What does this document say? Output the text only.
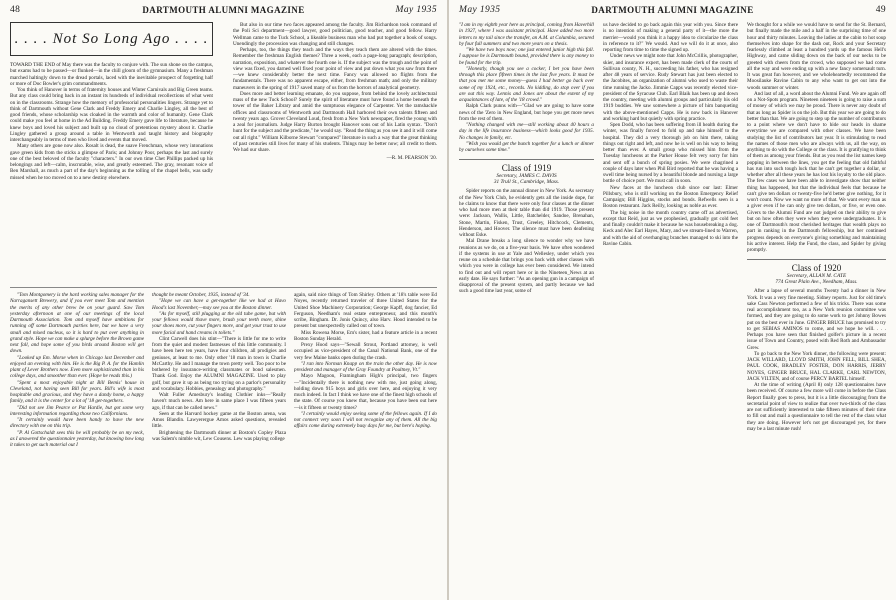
48	DARTMOUTH ALUMNI MAGAZINE	May 1935
. . . . Not So Long Ago . . . .

TOWARD THE END of May there was the faculty to conjure with. The sun shone on the campus, but exams had to be passed—or flunked—in the chill gloom of the gymnasium. Many a freshman marched haltingly down to the dread portals, laced with the inevitable prospect of forgetting half or more of Doc Bowler's grim commandments.

You think of Hanover in terms of fraternity houses and Winter Carnivals and Big Green teams. But any class could bring back in an instant its hundreds of individual recollections of what went on in the classrooms. Strange how the memory of professorial personalities lingers. Strange yet to think of Dartmouth without Gene Clark and Freddy Emery and Charlie Lingley, all the best of good friends, whose scholarship was cloaked in the warmth and color of humanity. Gene Clark could make you feel at home in the Ad Building. Freddy Emery gave life to literature, because he knew boys and loved his subject and built up no cloud of pretentious mystery about it. Charlie Lingley gathered a group around a table in Wentworth and taught history and biography interchangeably in terms of men who lived and events that moved.

Many others are gone now also. Rosalt is dead, the suave Frenchman, whose very intonations gave green kids from the sticks a glimpse of Paris; and Johnny Poor, perhaps the last and surely one of the best beloved of the faculty "characters." In our own time Chet Phillips packed up his belongings and left—calm, inscrutable, wise, and greatly esteemed. The gray, resonant voice of Ben Marshall, as much a part of the day's beginning as the tolling of the chapel bells, was sadly missed when he too moved on to a new destiny elsewhere.

But also in our time two faces appeared among the faculty. Jim Richardson took command of the Poli Sci department—good lawyer, good politician, good teacher, and good fellow. Harry Wellman came to the Tuck School, a likeable business man who had put together a book of songs. Unendingly the procession was changing and still changes.

Perhaps, too, the things they teach and the ways they teach them are altered with the times. Remember the freshman English themes? Three a week, each a page-long paragraph; description, narration, exposition, and whatever the fourth one is. If the subject was the trough and the point of view was fixed, you darned well fixed your point of view and put down what you saw from there—we knew considerably better the next time. Fancy was allowed no flights from the fundamentals. There was no apparent escape, either, from freshman math; and only the military maneuvers in the spring of 1917 saved many of us from the horrors of analytical geometry.

Does more and better learning emanate, do you suppose, from behind the lovely architectural mass of the new Tuck School? Surely the spirit of literature must have found a home beneath the tower of the Baker Library and amid the sumptuous elegance of Carpenter. Yet the ramshackle offices and classrooms of Wentworth and Dartmouth Hall harbored their own talents fifteen and twenty years ago. Grover Cleveland Loud, fresh from a New York newspaper, fired the young with a zeal for journalism. Judge Harry Burton brought Hanover sons out of his Latin syntax. "Don't hunt for the subject and the predicate," he would say. "Read the thing as you see it and it will come out all right." William Kilborne Stewart "compared" literature in such a way that the great thinking of past centuries still lives for many of his students. Things may be better now; all credit to them. We had our share.

—R. M. PEARSON '20.

"Tom Montgomery is the hard working sales manager for the Narragansett Brewery, and if you ever meet Tom and mention the merits of any other brew be on your guard. Saw Tom yesterday afternoon at one of our meetings of the local Dartmouth Association. Tom and myself have ambitions for running off some Dartmouth parties here, but we have a very small and mixed nucleus, so it is hard to put over anything in grand style. Hope we can make a splurge before the Brown game next fall, and hope some of you birds around Boston will get down.

"Looked up Em. Morse when in Chicago last December and enjoyed an evening with him. He is the Big P. A. for the Hamlin plant of Lever Brothers now. Even more sophisticated than in his college days, and smoother than ever. (Hope he reads this.)

"Spent a most enjoyable night at Bill Bemis' house in Cleveland, not having seen Bill for years. Bill's wife is most hospitable and gracious, and they have a dandy home, a happy family, and it is the center for a lot of '18 get-togethers.

"Did not see Jim Pearce or Pat Hardie, but got some very interesting information regarding those two Californians.

"It certainly would have been handy to have the new directory with me on this trip.

"P. Al Gottschaldt sees this he will probably be on my neck, as I answered the questionnaire yesterday, but knowing how long it takes to get such material out I

thought he meant October, 1935, instead of '34.

"Hope we can have a get-together like we had at Havo Hood's last November,—may see you at the Boston dinner.

"As for myself, still plugging at the old tube game, but with your fellows would thave more, brush your teeth more, shine your shoes more, cut your fingers more, and get your trust to use more facial and hand creams in toilets."

Clint Carwell does his stint—"There is little for me to write from the quiet and modest fastnesses of this little community. I have been here ten years, have four children, all prodigies and geniuses, at least to me. Only other '18 man in town is Charlie McCarthy. He and I manage the town pretty well. Too poor to be bothered by insurance-writing classmates or bond salesmen. Thank God. Enjoy the ALUMNI MAGAZINE. Used to play golf, but gave it up as being too trying on a parlor's personality and vocabulary. Hobbies, genealogy and photography."

Walt Fuller Amesbury's leading Clothier inks—"Really haven't much news. Am here in same place I was fifteen years ago, if that can be called news."

Seen at the Harvard hockey game at the Boston arena, was Amos Blandin. Lawyerergue Amos asked questions, revealed little.

Brightening the Dartmouth dinner at Boston's Copley Plaza was Salem's nimble wit, Lew Cousens. Lew was playing college

again, said nice things of Tom Shirley. Others at '18's table were Ed Noyes, recently returned traveler of three United States for the United Shoe Machinery Corporation; George Kapff, dog fancier, Ed Ferguson, Needham's real estate entrepreneur, and this month's scribe, Bingham. Dr. Jonis Quincy, also Harv. Hood intended to be present but unexpectedly called out of town.

Miss Rowena Morse, Em's sister, had a feature article in a recent Boston Sunday Herald.

Prexy Hood says—"Sewall Strout, Portland attorney, is well occupied as vice-president of the Canal National Bank, one of the very few Maine banks open during the crash.

"I ran into Norman Knapp on the train the other day. He is now president and manager of the Gray Foundry at Poultney, Vt."

Mayo Magoon, Framingham High's principal, two fingers—"Incidentally there is nothing new with me, just going along, holding down 915 boys and girls over here, and enjoying it very much indeed. In fact I think we have one of the finest high schools of the state. Of course you knew that, because you have been out here—is it fifteen or twenty times?

"I certainly would enjoy seeing some of the fellows again. If I do not connect very soon I will not recognize any of them. All the big affairs come during extremely busy days for me, but here's hoping.

May 1935	DARTMOUTH ALUMNI MAGAZINE	49

"I am in my eighth year here as principal, coming from Haverhill in 1927, where I was assistant principal. Have added two more letters to my tail since the transfer, an A.M. at Columbia, secured by four full summers and two more years on a thesis.

"We have two boys now; one just entered junior high this fall. I suppose he is Dartmouth bound, provided there is any money to be found for the trip.

"Honestly, though you see a cocker, I bet you have been through this place fifteen times in the last five years. It must be that you met me some money—guess I had better go back over some of my 1924, etc., records. No kidding, do stop over if you are out this way. Lennis and Jones are about the extent of my acquaintances of late, of the '18 crowd."

Ralph Clark punns with—"Glad we are going to have some news of the 'Zero in New England, but hope you get more news from the rest of them.

"Nothing changed with me—still working about 40 hours a day in the life insurance business—which looks good for 1935. No changes in family, etc.

"Wish you would get the bunch together for a lunch or dinner by ourselves some time."

Class of 1919
Secretary, JAMES C. DAVIS
31 Trull St., Cambridge, Mass.

Spider reports on the annual dinner in New York. As secretary of the New York Club, he evidently gets all the inside dope, for he claims to know that there were only four classes at the dinner who had more men at their table than did 1919. Those present were: Jackson, Wallis, Little, Batchelder, Sandoe, Brenahan, Stone, Martin, Fisken, Trust, Greeley, Hitchcock, Clements, Henderson, and Hoover. The silence must have been deafening without Eske.

Mal Drane breaks a long silence to wonder why we have reunions as we do, on a five-year basis. We have often wondered if the systems in use at Yale and Wellesley, under which you reune on a schedule that brings you back with other classes with which you were in college has ever been considered. We intend to find out and will report here or in the Nineteen_News at an early date. He says further: "As an opening gun in a campaign of disapproval of the present system, and partly because we had such a good time last year, some of

us have decided to go back again this year with you. Since there is no intention of making a general party of it—the more the merrier—would you think it a happy idea to circularize the class in reference to it?" We would. And we will do it at once, also reporting from time to time the signed up.

Under news we might note that John McCrillis, photographer, skier, and insurance expert, has been made clerk of the courts of Sullivan county, N. H., succeeding his father, who has resigned after 48 years of service. Rudy Stewart has just been elected to the Jacobites, an organization of alumni who used to waste their time running the Jacko. Jimmie Capps was recently elected vice-president of the Syracuse Club. Earl Blaik has been up and down the country, meeting with alumni groups and particularly his old 1919 buddies. We saw somewhere a picture of him banqueting with the above-mentioned Capps. He is now back in Hanover and working hard but quietly with spring practice.

Spen Dodd, who has been suffering from ill health during the winter, was finally forced to fold up and take himself to the hospital. They did a very thorough job on him there, taking things out right and left, and now he is well on his way to being better than ever. A small group who missed him from the Tuesday luncheons at the Parker House felt very sorry for him and sent off a bunch of spring posies. We were chagrined a couple of days later when Phil Bird reported that he was having a swell time being nursed by a beautiful blonde and nursing a large bottle of choice port. We must call in soon.

New faces at the luncheon club since our last: Elmer Pillsbury, who is still working on the Boston Emergency Relief Campaign; Bill Higgins, stocks and bonds. Refwells seen is a Boston restaurant. Jack Reilly, looking as noble as ever.

The big noise in the month country came off as advertised, except that Reid, just as we prophesied, gradually got cold feet and finally couldn't make it because he was housebreaking a dog. Keck and Alec Earl Hayes, Mary, and we stream-lined to Warren, and with the aid of overhanging branches managed to ski into the Ravine Cabin.

We thought for a while we would have to send for the St. Bernard, but finally made the mile and a half in the surprising time of one hour and thirty minutes. Leaving the ladies at the cabin to hot soup themselves into shape for the dash out, Rock and your Secretary fearlessly climbed at least a hundred yards up the famous Hell's Highway, and came sliding down on the back of our necks to be greeted with cheers from the crowd, who supposed we had come all the way and were ending up with a new fancy somersault turn. It was great fun however, and we wholeheartedly recommend the Moosilauke Ravine Cabin to any who want to get out into the woods summer or winter.

And last of all, a word about the Alumni Fund. We are again off on a Not-Spots program. Nineteen nineteen is going to raise a sum of money of which we may be proud. There is never any doubt of that as long as Spider is on the job. But this year we are going to do better than that. We are going to step up the number of contributors to a point where we don't have to hide our heads in shame everytime we are compared with other classes. We have been studying the list of contributors last year. It is stimulating to read the names of those men who are always with us, all the way, on anything to do with the College or the class. It is gratifying to think of them as among your friends. But as you read the list names keep popping in between the lines, you get the feeling that old faithful has run into such tough luck that he can't get together a dollar, or whether after all these years he has lost his loyalty to the old place. The few cases we have been able to investigate show that neither thing has happened, but that the individual feels that because he can't give ten dollars or twenty-five he'd better give nothing, for it won't count. Now we want no more of that. We want every man as a giver even if he can only give ten dollars, or five, or even one. Givers to the Alumni Fund are not judged on their ability to give but on how often they were when they were undergraduates. It is one of Dartmouth's most cherished heritages that wealth plays no part in ranking in the Dartmouth fellowship, but her continued progress depends on everyone's giving something and maintaining his active interest. Help the Fund, the class, and Spider by giving promptly.

Class of 1920
Secretary, ALLAN M. CATE
774 Great Plain Ave., Needham, Mass.

After a lapse of several months Twenty had a dinner in New York. It was a very fine meeting. Sidney reports. Just for old time's sake Cass Newton performed a few of his tricks. There was some real accomplishment too, as a New York reunion committee was formed, and they are going to do some work to get Johnny Bowes put on the best ever in June. GINGER BRUCE has promised to try to get SEBIAS AMINOS to come, and we hope he will. . . . Perhaps you have seen that finished golfer's picture in a recent issue of Town and Country, posed with Red Roth and Ambassador Grew.

To go back to the New York dinner, the following were present: JACK WILLARD, LLOYD SMITH, JOHN FELL, BILL SHEA, PAUL COOK, BRADLEY FOSTER, DON HARRIS, JERRY NOYES, GINGER BRUCE, HAL CLARKE, CARL NEWTON, JACK VILTEN, and of course PERCY BARTEL himself.

At the time of writing (April 8) only 128 questionnaires have been received. Of course a few more will come in before the Class Report finally goes to press, but it is a little discouraging from the secretarial point of view to realize that over two-thirds of the class are not sufficiently interested to take fifteen minutes of their time to fill out and mail a questionnaire to tell the rest of the class what they are doing. However let's not get discouraged yet, for there may be a last minute rush!
